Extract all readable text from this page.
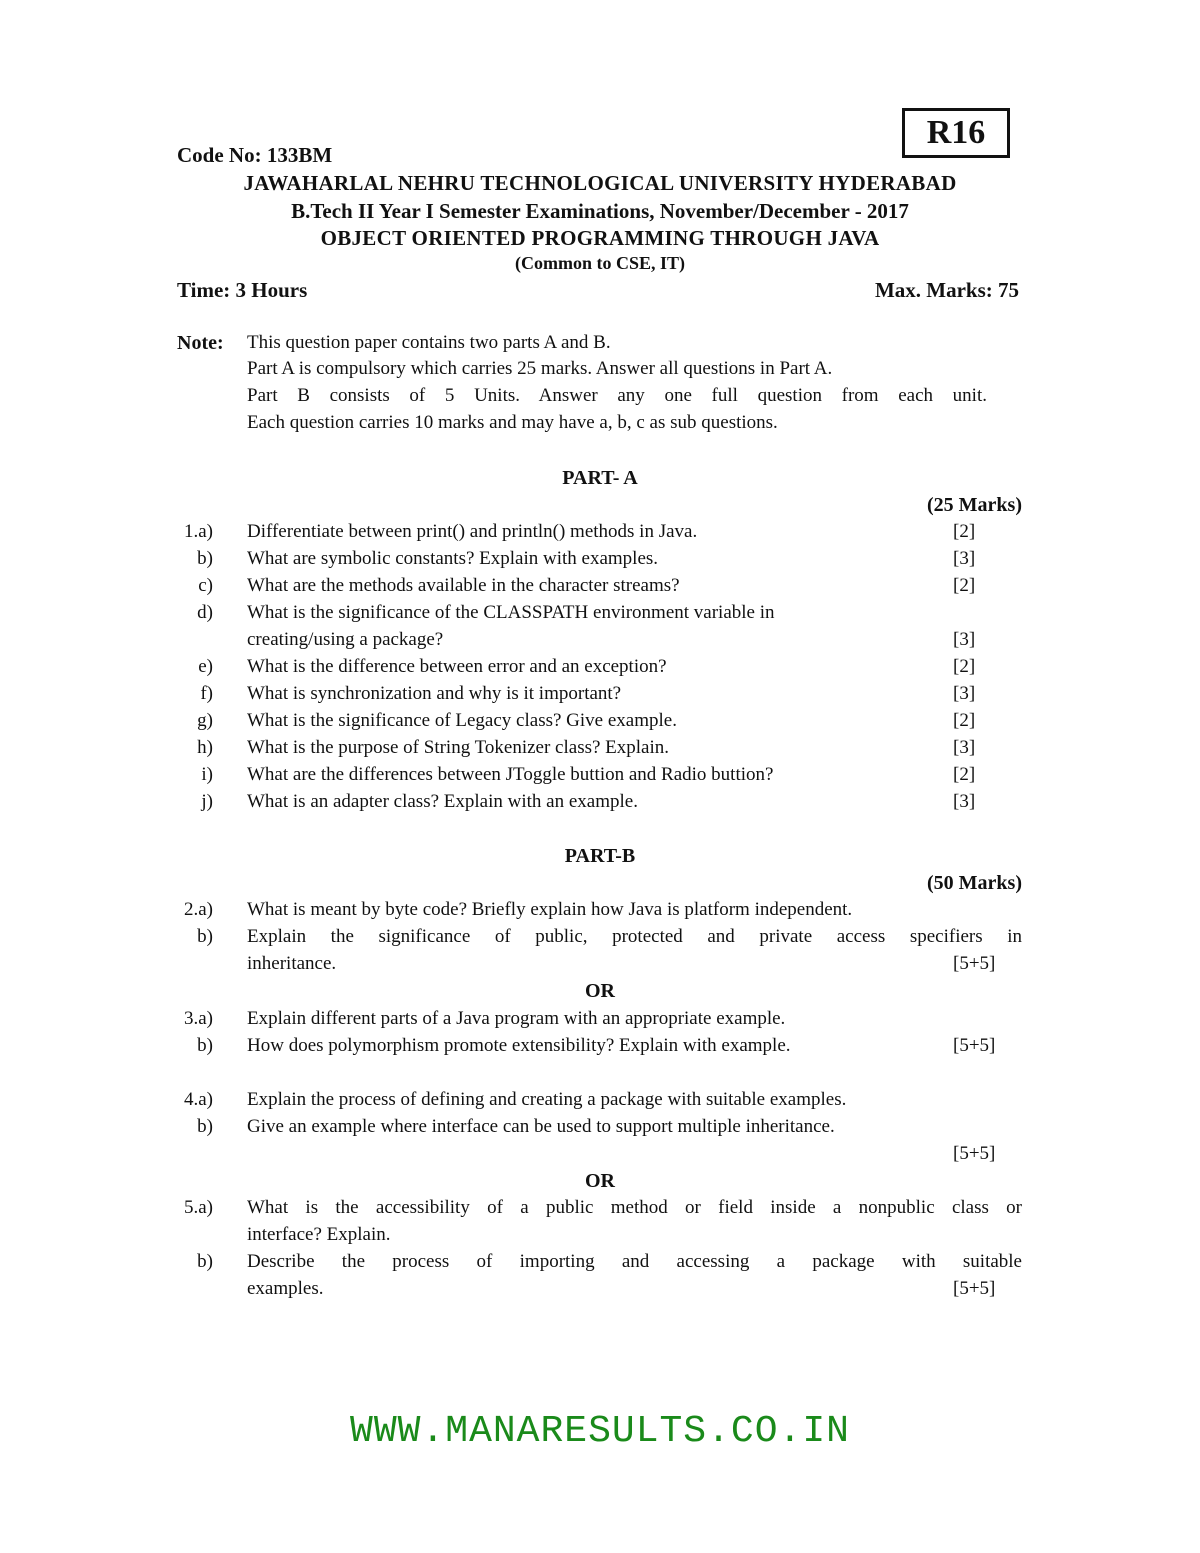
R16
Code No: 133BM
JAWAHARLAL NEHRU TECHNOLOGICAL UNIVERSITY HYDERABAD
B.Tech II Year I Semester Examinations, November/December - 2017
OBJECT ORIENTED PROGRAMMING THROUGH JAVA
(Common to CSE, IT)
Time: 3 Hours	Max. Marks: 75
Note: This question paper contains two parts A and B.
Part A is compulsory which carries 25 marks. Answer all questions in Part A.
Part B consists of 5 Units. Answer any one full question from each unit.
Each question carries 10 marks and may have a, b, c as sub questions.
PART- A
(25 Marks)
1.a) Differentiate between print() and println() methods in Java.	[2]
b) What are symbolic constants? Explain with examples.	[3]
c) What are the methods available in the character streams?	[2]
d) What is the significance of the CLASSPATH environment variable in
creating/using a package?	[3]
e) What is the difference between error and an exception?	[2]
f) What is synchronization and why is it important?	[3]
g) What is the significance of Legacy class? Give example.	[2]
h) What is the purpose of String Tokenizer class? Explain.	[3]
i) What are the differences between JToggle buttion and Radio buttion?	[2]
j) What is an adapter class? Explain with an example.	[3]
PART-B
(50 Marks)
2.a) What is meant by byte code? Briefly explain how Java is platform independent.
b) Explain the significance of public, protected and private access specifiers in
inheritance.	[5+5]
OR
3.a) Explain different parts of a Java program with an appropriate example.
b) How does polymorphism promote extensibility? Explain with example.	[5+5]
4.a) Explain the process of defining and creating a package with suitable examples.
b) Give an example where interface can be used to support multiple inheritance.
[5+5]
OR
5.a) What is the accessibility of a public method or field inside a nonpublic class or
interface? Explain.
b) Describe the process of importing and accessing a package with suitable
examples.	[5+5]
WWW.MANARESULTS.CO.IN
